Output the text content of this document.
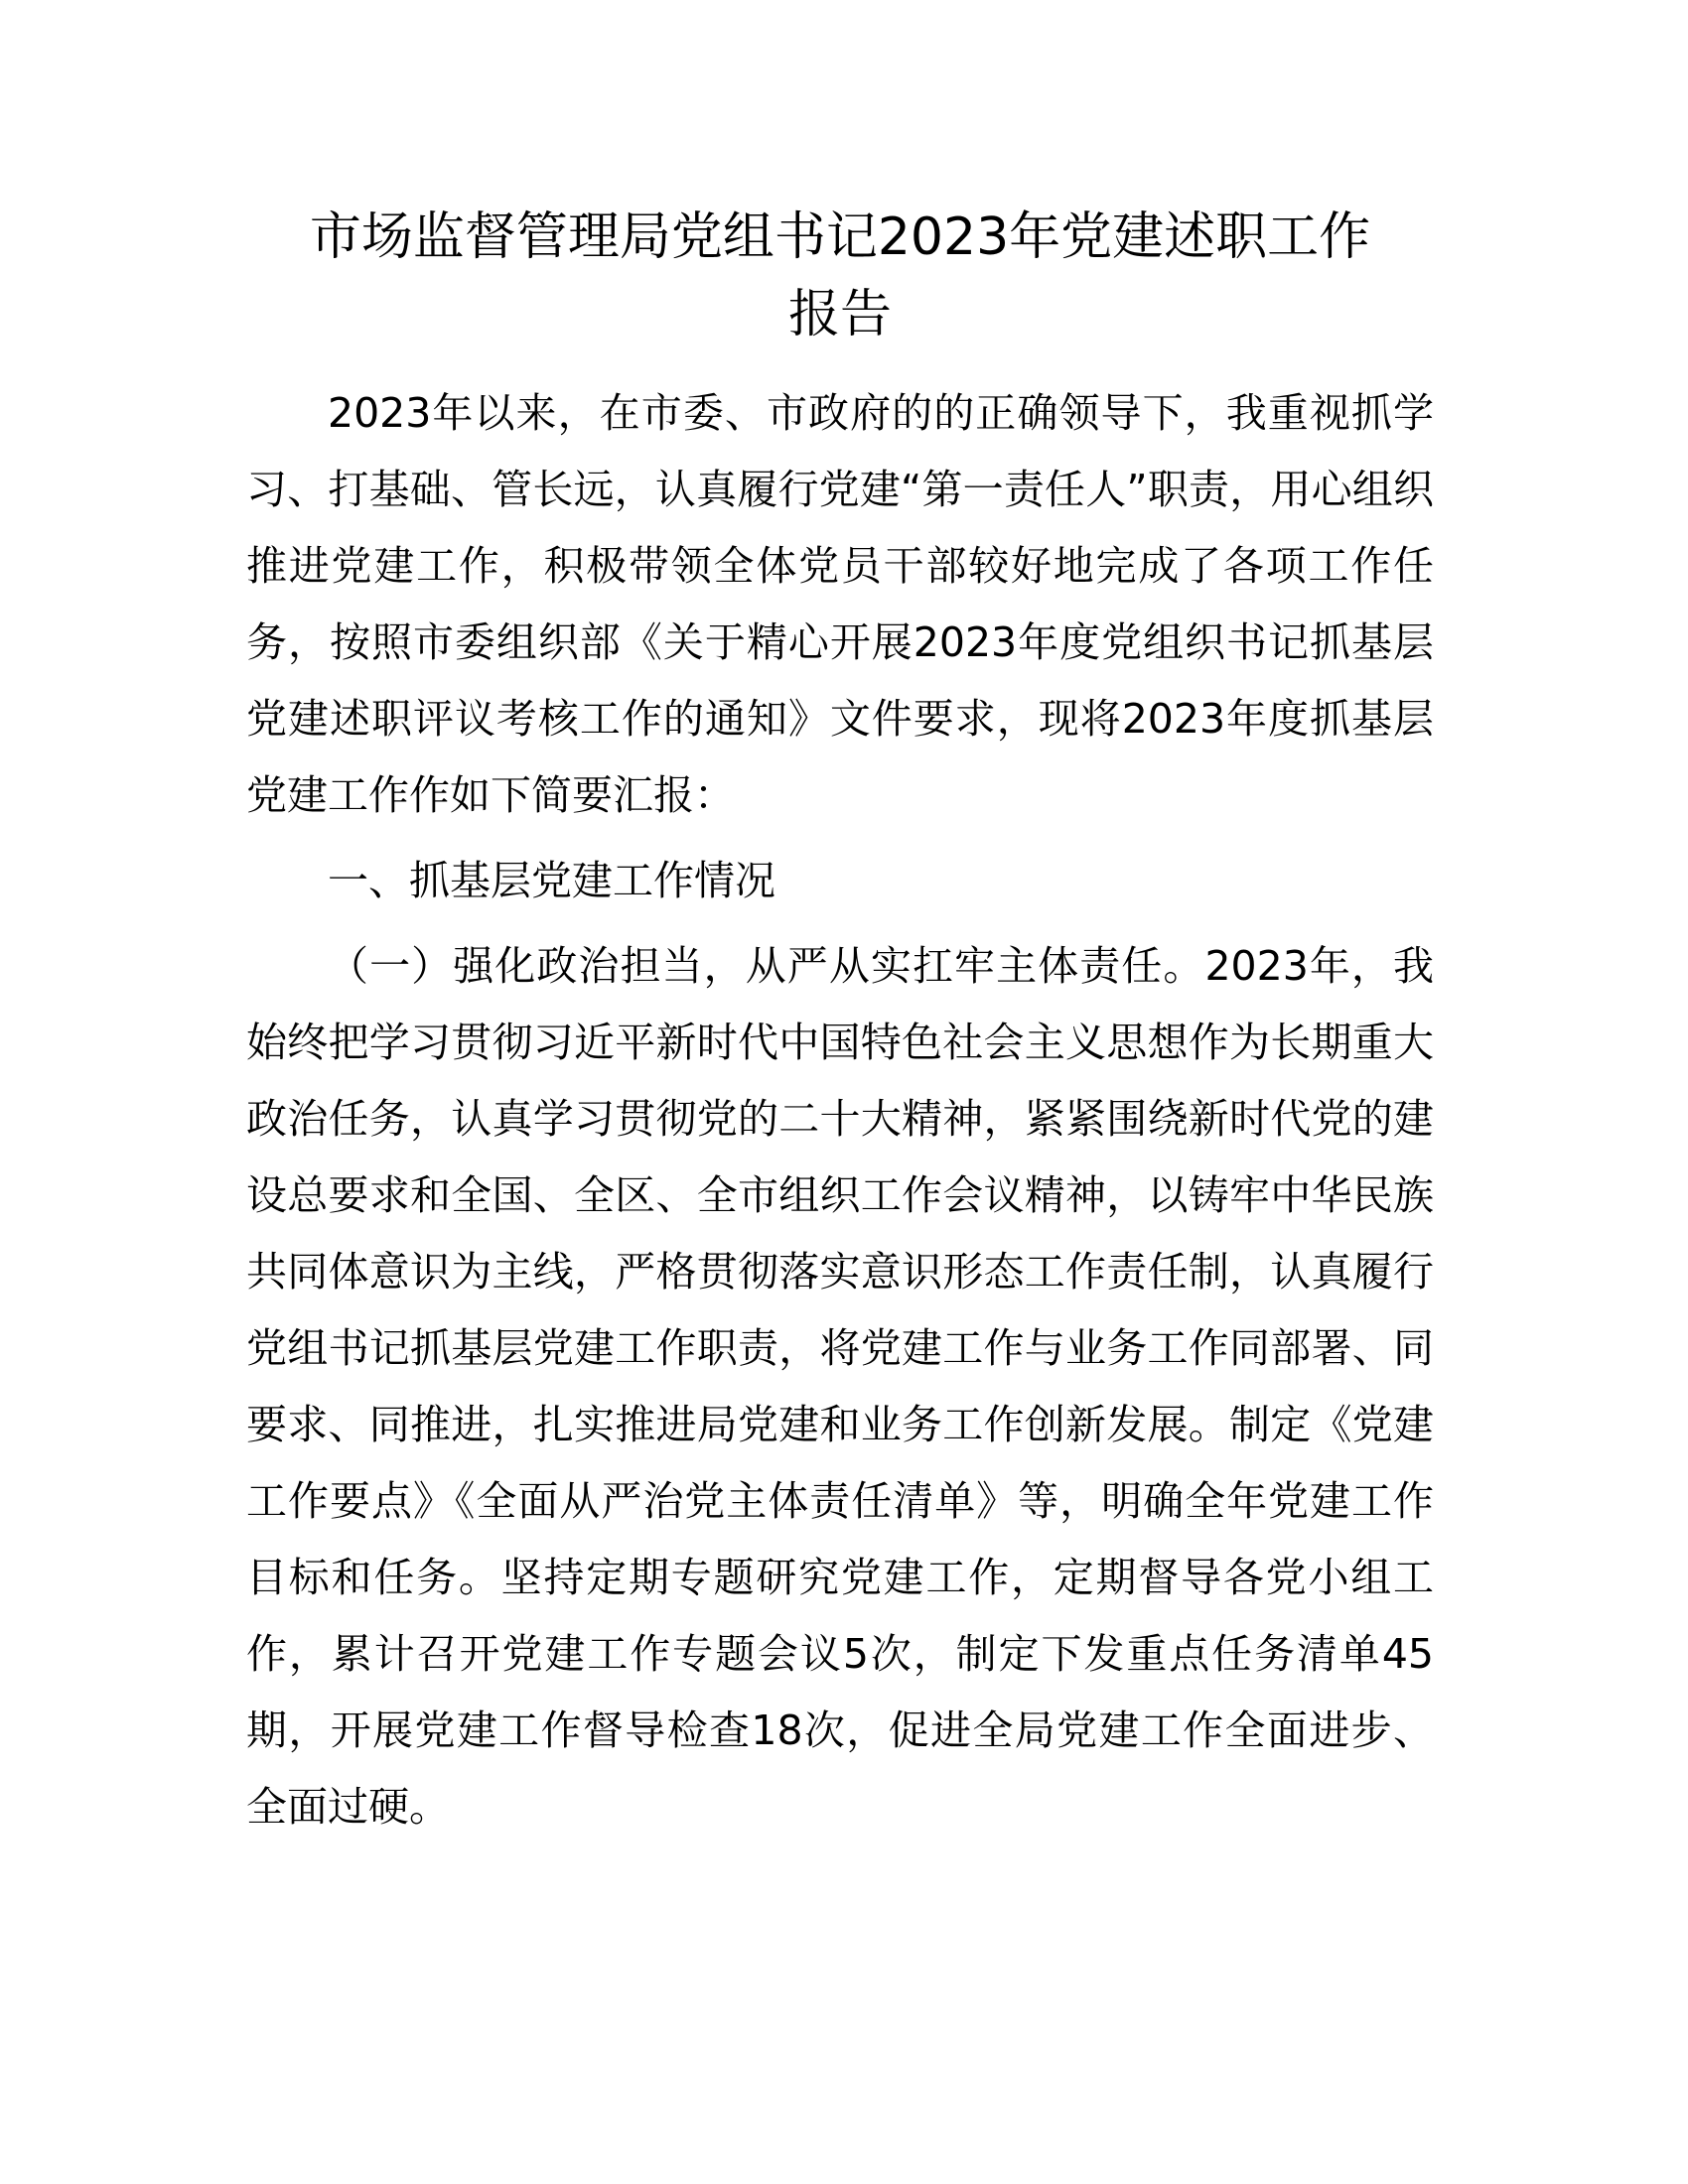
市场监督管理局党组书记2023年党建述职工作
报告

2023年以来，在市委、市政府的的正确领导下，我重视抓学习、打基础、管长远，认真履行党建“第一责任人”职责，用心组织推进党建工作，积极带领全体党员干部较好地完成了各项工作任务，按照市委组织部《关于精心开展2023年度党组织书记抓基层党建述职评议考核工作的通知》文件要求，现将2023年度抓基层党建工作作如下简要汇报：

一、抓基层党建工作情况

（一）强化政治担当，从严从实扛牢主体责任。2023年，我始终把学习贯彻习近平新时代中国特色社会主义思想作为长期重大政治任务，认真学习贯彻党的二十大精神，紧紧围绕新时代党的建设总要求和全国、全区、全市组织工作会议精神，以铸牢中华民族共同体意识为主线，严格贯彻落实意识形态工作责任制，认真履行党组书记抓基层党建工作职责，将党建工作与业务工作同部署、同要求、同推进，扎实推进局党建和业务工作创新发展。制定《党建工作要点》《全面从严治党主体责任清单》等，明确全年党建工作目标和任务。坚持定期专题研究党建工作，定期督导各党小组工作，累计召开党建工作专题会议5次，制定下发重点任务清单45期，开展党建工作督导检查18次，促进全局党建工作全面进步、全面过硬。
